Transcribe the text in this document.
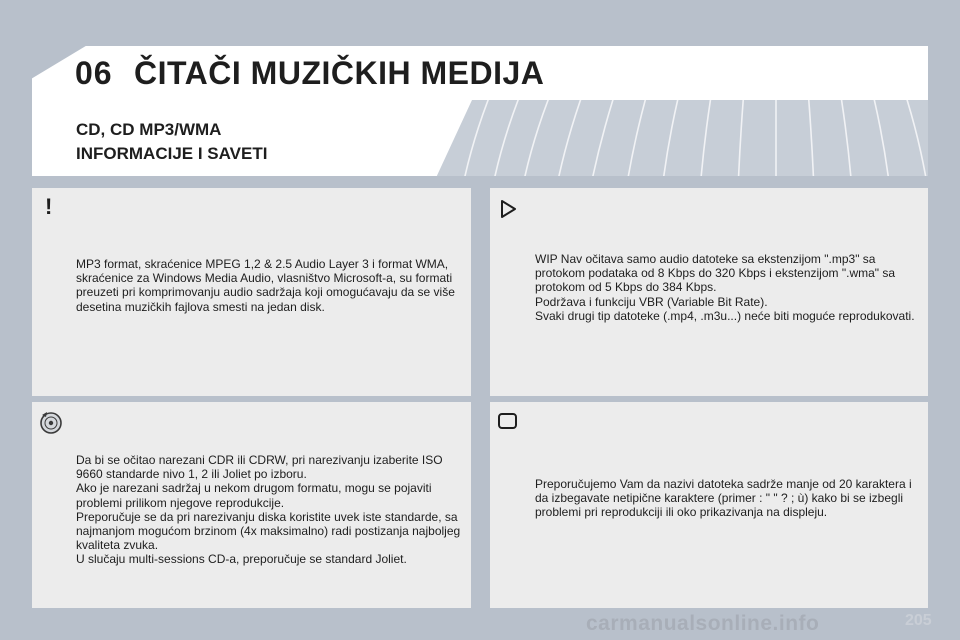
06 ČITAČI MUZIČKIH MEDIJA
CD, CD MP3/WMA
INFORMACIJE I SAVETI
!
MP3 format, skraćenice MPEG 1,2 & 2.5 Audio Layer 3 i format WMA, skraćenice za Windows Media Audio, vlasništvo Microsoft-a, su formati preuzeti pri komprimovanju audio sadržaja koji omogućavaju da se više desetina muzičkih fajlova smesti na jedan disk.
WIP Nav očitava samo audio datoteke sa ekstenzijom ".mp3" sa protokom podataka od 8 Kbps do 320 Kbps i ekstenzijom ".wma" sa protokom od 5 Kbps do 384 Kbps.
Podržava i funkciju VBR (Variable Bit Rate).
Svaki drugi tip datoteke (.mp4, .m3u...) neće biti moguće reprodukovati.
Da bi se očitao narezani CDR ili CDRW, pri narezivanju izaberite ISO 9660 standarde nivo 1, 2 ili Joliet po izboru.
Ako je narezani sadržaj u nekom drugom formatu, mogu se pojaviti problemi prilikom njegove reprodukcije.
Preporučuje se da pri narezivanju diska koristite uvek iste standarde, sa najmanjom mogućom brzinom (4x maksimalno) radi postizanja najboljeg kvaliteta zvuka.
U slučaju multi-sessions CD-a, preporučuje se standard Joliet.
Preporučujemo Vam da nazivi datoteka sadrže manje od 20 karaktera i da izbegavate netipične karaktere (primer : " " ? ; ù) kako bi se izbegli problemi pri reprodukciji ili oko prikazivanja na displeju.
carmanualsonline.info	205
